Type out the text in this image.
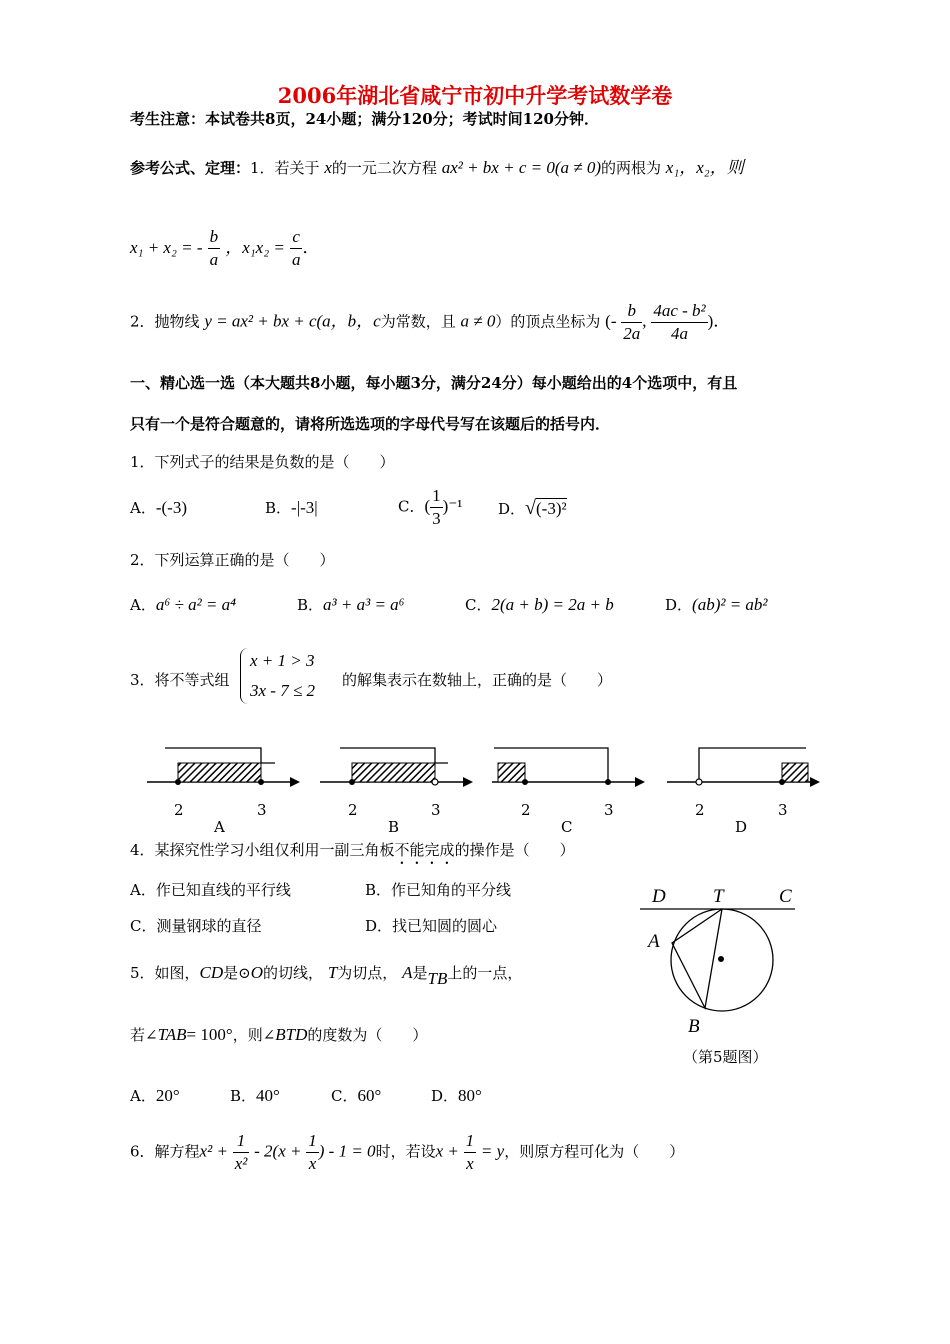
2006年湖北省咸宁市初中升学考试数学卷
考生注意：本试卷共8页，24小题；满分120分；考试时间120分钟．
参考公式、定理：1．若关于 x的一元二次方程 ax² + bx + c = 0(a ≠ 0)的两根为 x₁，x₂，则
x₁ + x₂ = - $\frac{b}{a}$ ，$x_1x_2 = \frac{c}{a}$ ．
2．抛物线 y = ax² + bx + c(a，b，c为常数，且 a ≠ 0）的顶点坐标为 (- $\frac{b}{2a}$ , $\frac{\text{4ac - b²}}{4a}$ )．
一、精心选一选（本大题共8小题，每小题3分，满分24分）每小题给出的4个选项中，有且
只有一个是符合题意的，请将所选选项的字母代号写在该题后的括号内．
1．下列式子的结果是负数的是（　　）
A．-(-3)	B．-|-3|	C．( $\frac{1}{3} )^{-1}$ D．√(-3)²
2．下列运算正确的是（　　）
A．a⁶ ÷ a² = a⁴	B．a³ + a³ = a⁶	C．2(a + b) = 2a + b	D．(ab)² = ab²
3．将不等式组
x + 1 > 3
3x - 7 ≤ 2
的解集表示在数轴上，正确的是（　　）
2	3
A
2	3
B
2	3
C
2	3
D
4．某探究性学习小组仅利用一副三角板不能完成的操作是（　　）
A．作已知直线的平行线	B．作已知角的平分线
C．测量钢球的直径	D．找已知圆的圆心
D T	C
A
B
（第5题图）
5．如图，CD是⊙O的切线， T为切点， A是TB上的一点，
若∠TAB= 100°，则∠BTD的度数为（　　）
A．20°	B．40°	C．60°	D．80°
6．解方程$x^2 + \frac{1}{\text{x²}} - 2(x + \frac{1}{x}$ ) - 1 = 0时，若设$x + \frac{1}{x} = y$，则原方程可化为（　　）
